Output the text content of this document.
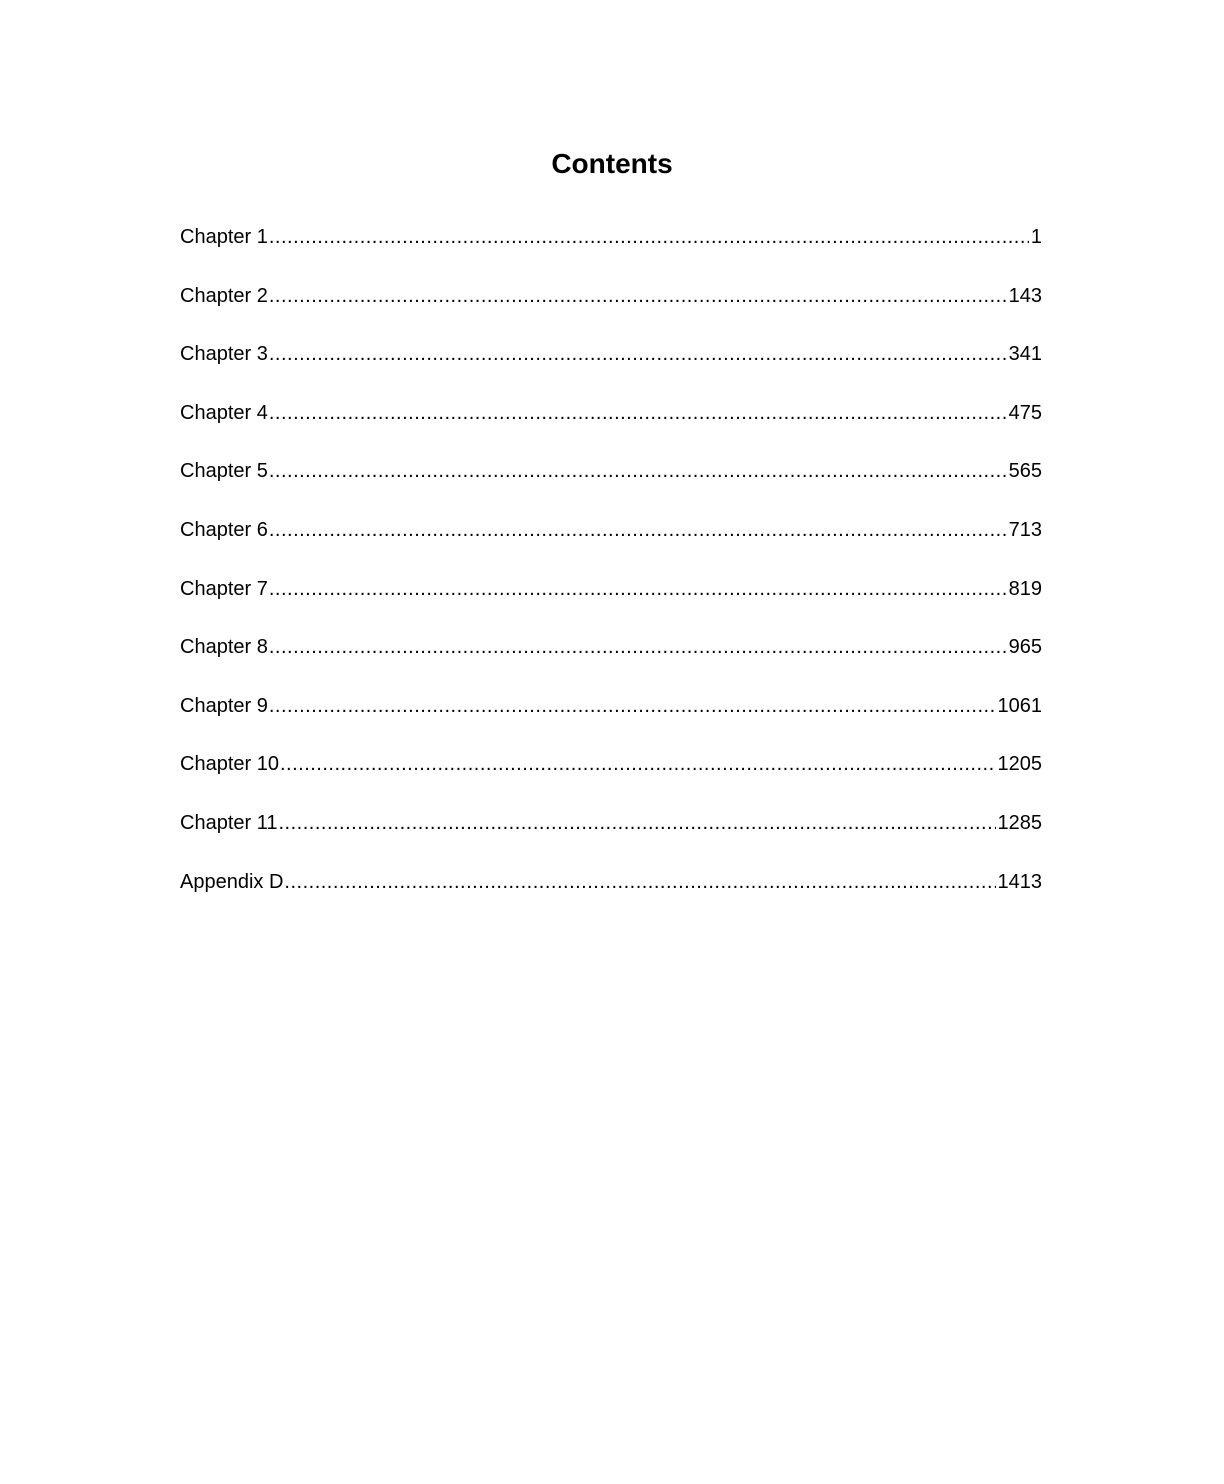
Contents
Chapter 1 .....	1
Chapter 2 .....	143
Chapter 3 .....	341
Chapter 4 .....	475
Chapter 5 .....	565
Chapter 6 .....	713
Chapter 7 .....	819
Chapter 8 .....	965
Chapter 9 .....	1061
Chapter 10 .....	1205
Chapter 11 .....	1285
Appendix D .....	1413
